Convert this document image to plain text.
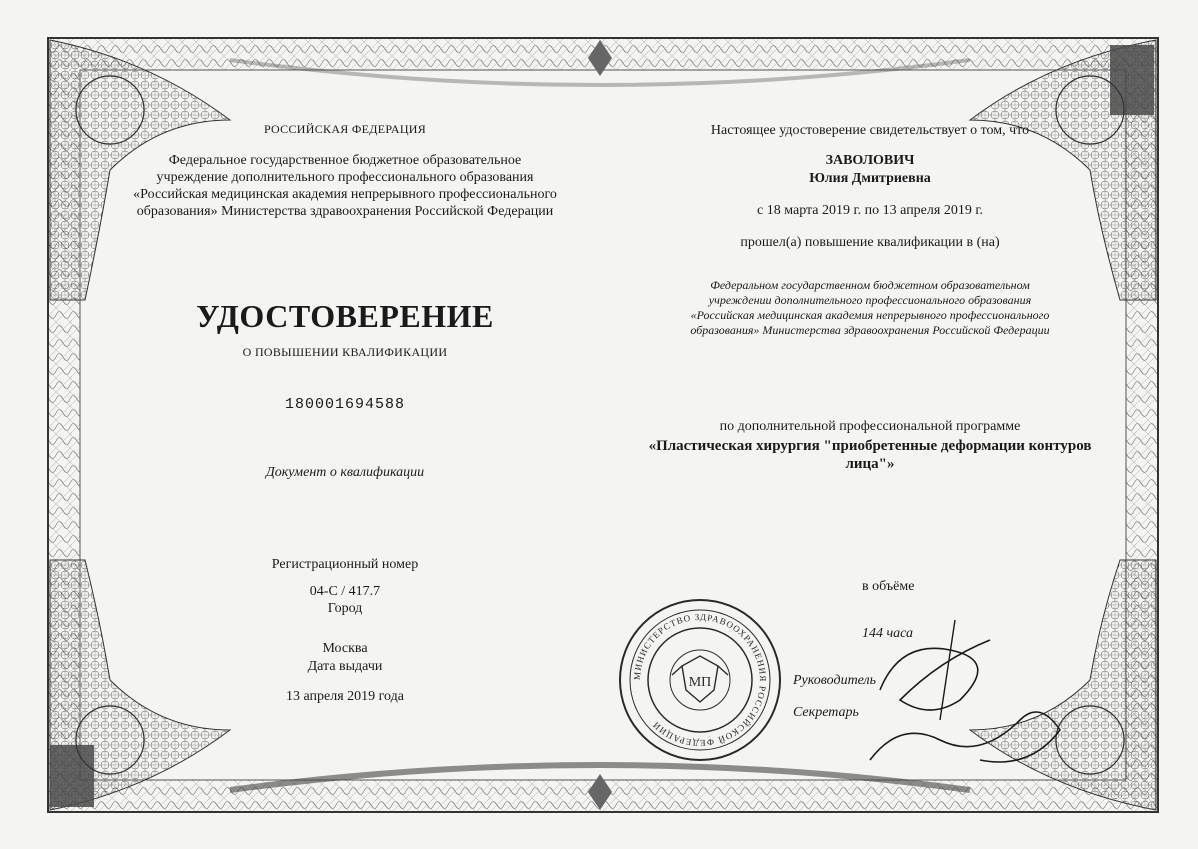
МП
РОССИЙСКАЯ ФЕДЕРАЦИЯ
Федеральное государственное бюджетное образовательное
учреждение дополнительного профессионального образования
«Российская медицинская академия непрерывного профессионального
образования» Министерства здравоохранения Российской Федерации
УДОСТОВЕРЕНИЕ
О ПОВЫШЕНИИ КВАЛИФИКАЦИИ
180001694588
Документ о квалификации
Регистрационный номер
04-С / 417.7
Город
Москва
Дата выдачи
13 апреля 2019 года
Настоящее удостоверение свидетельствует о том, что
ЗАВОЛОВИЧ
Юлия Дмитриевна
с 18 марта 2019 г. по 13 апреля 2019 г.
прошел(а) повышение квалификации в (на)
Федеральном государственном бюджетном образовательном
учреждении дополнительного профессионального образования
«Российская медицинская академия непрерывного профессионального
образования» Министерства здравоохранения Российской Федерации
по дополнительной профессиональной программе
«Пластическая хирургия "приобретенные деформации контуров
лица"»
в объёме
144 часа
Руководитель
Секретарь
МИНИСТЕРСТВО ЗДРАВООХРАНЕНИЯ РОССИЙСКОЙ ФЕДЕРАЦИИ
